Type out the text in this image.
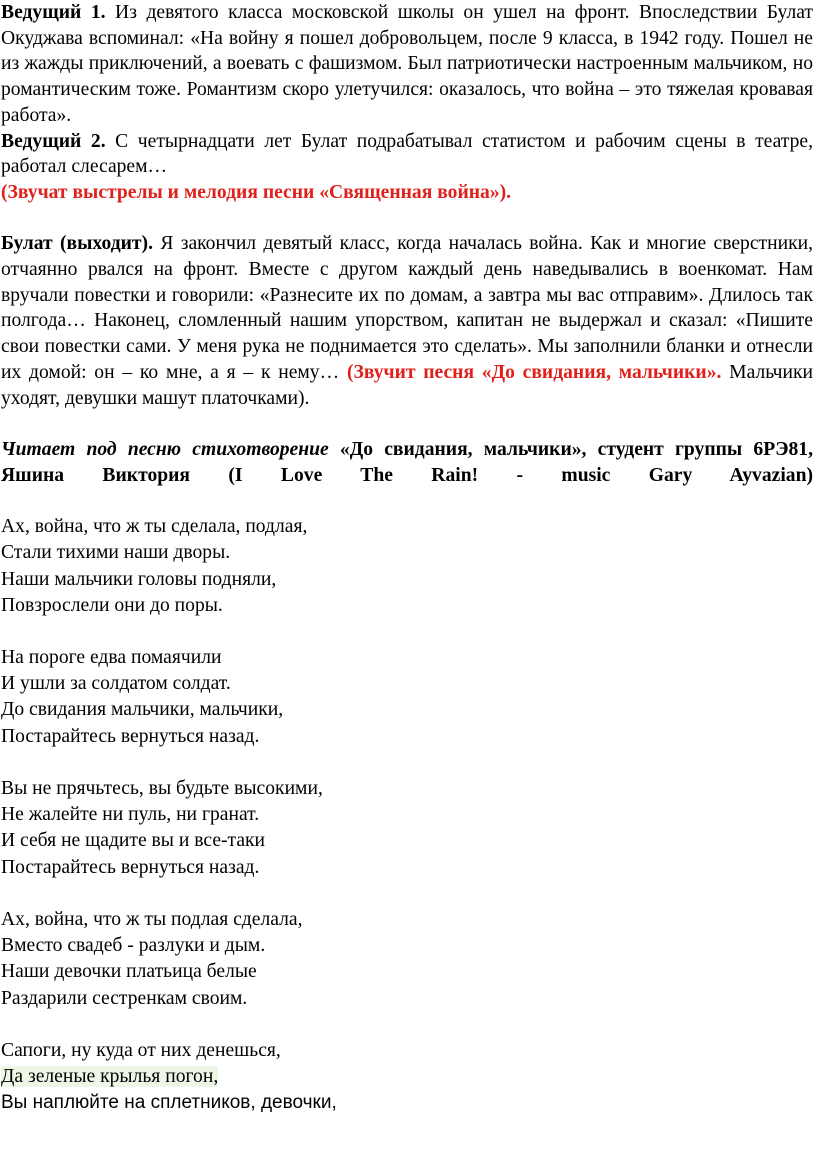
Ведущий 1. Из девятого класса московской школы он ушел на фронт. Впоследствии Булат Окуджава вспоминал: «На войну я пошел добровольцем, после 9 класса, в 1942 году. Пошел не из жажды приключений, а воевать с фашизмом. Был патриотически настроенным мальчиком, но романтическим тоже. Романтизм скоро улетучился: оказалось, что война – это тяжелая кровавая работа».

Ведущий 2. С четырнадцати лет Булат подрабатывал статистом и рабочим сцены в театре, работал слесарем…

(Звучат выстрелы и мелодия песни «Священная война»).

Булат (выходит). Я закончил девятый класс, когда началась война. Как и многие сверстники, отчаянно рвался на фронт. Вместе с другом каждый день наведывались в военкомат. Нам вручали повестки и говорили: «Разнесите их по домам, а завтра мы вас отправим». Длилось так полгода… Наконец, сломленный нашим упорством, капитан не выдержал и сказал: «Пишите свои повестки сами. У меня рука не поднимается это сделать». Мы заполнили бланки и отнесли их домой: он – ко мне, а я – к нему… (Звучит песня «До свидания, мальчики». Мальчики уходят, девушки машут платочками).

Читает под песню стихотворение «До свидания, мальчики», студент группы 6РЭ81, Яшина Виктория (I Love The Rain! - music Gary Ayvazian)

Ах, война, что ж ты сделала, подлая,
Стали тихими наши дворы.
Наши мальчики головы подняли,
Повзрослели они до поры.
На пороге едва помаячили
И ушли за солдатом солдат.
До свидания мальчики, мальчики,
Постарайтесь вернуться назад.
Вы не прячьтесь, вы будьте высокими,
Не жалейте ни пуль, ни гранат.
И себя не щадите вы и все-таки
Постарайтесь вернуться назад.
Ах, война, что ж ты подлая сделала,
Вместо свадеб - разлуки и дым.
Наши девочки платьица белые
Раздарили сестренкам своим.
Сапоги, ну куда от них денешься,
Да зеленые крылья погон,
Вы наплюйте на сплетников, девочки,
